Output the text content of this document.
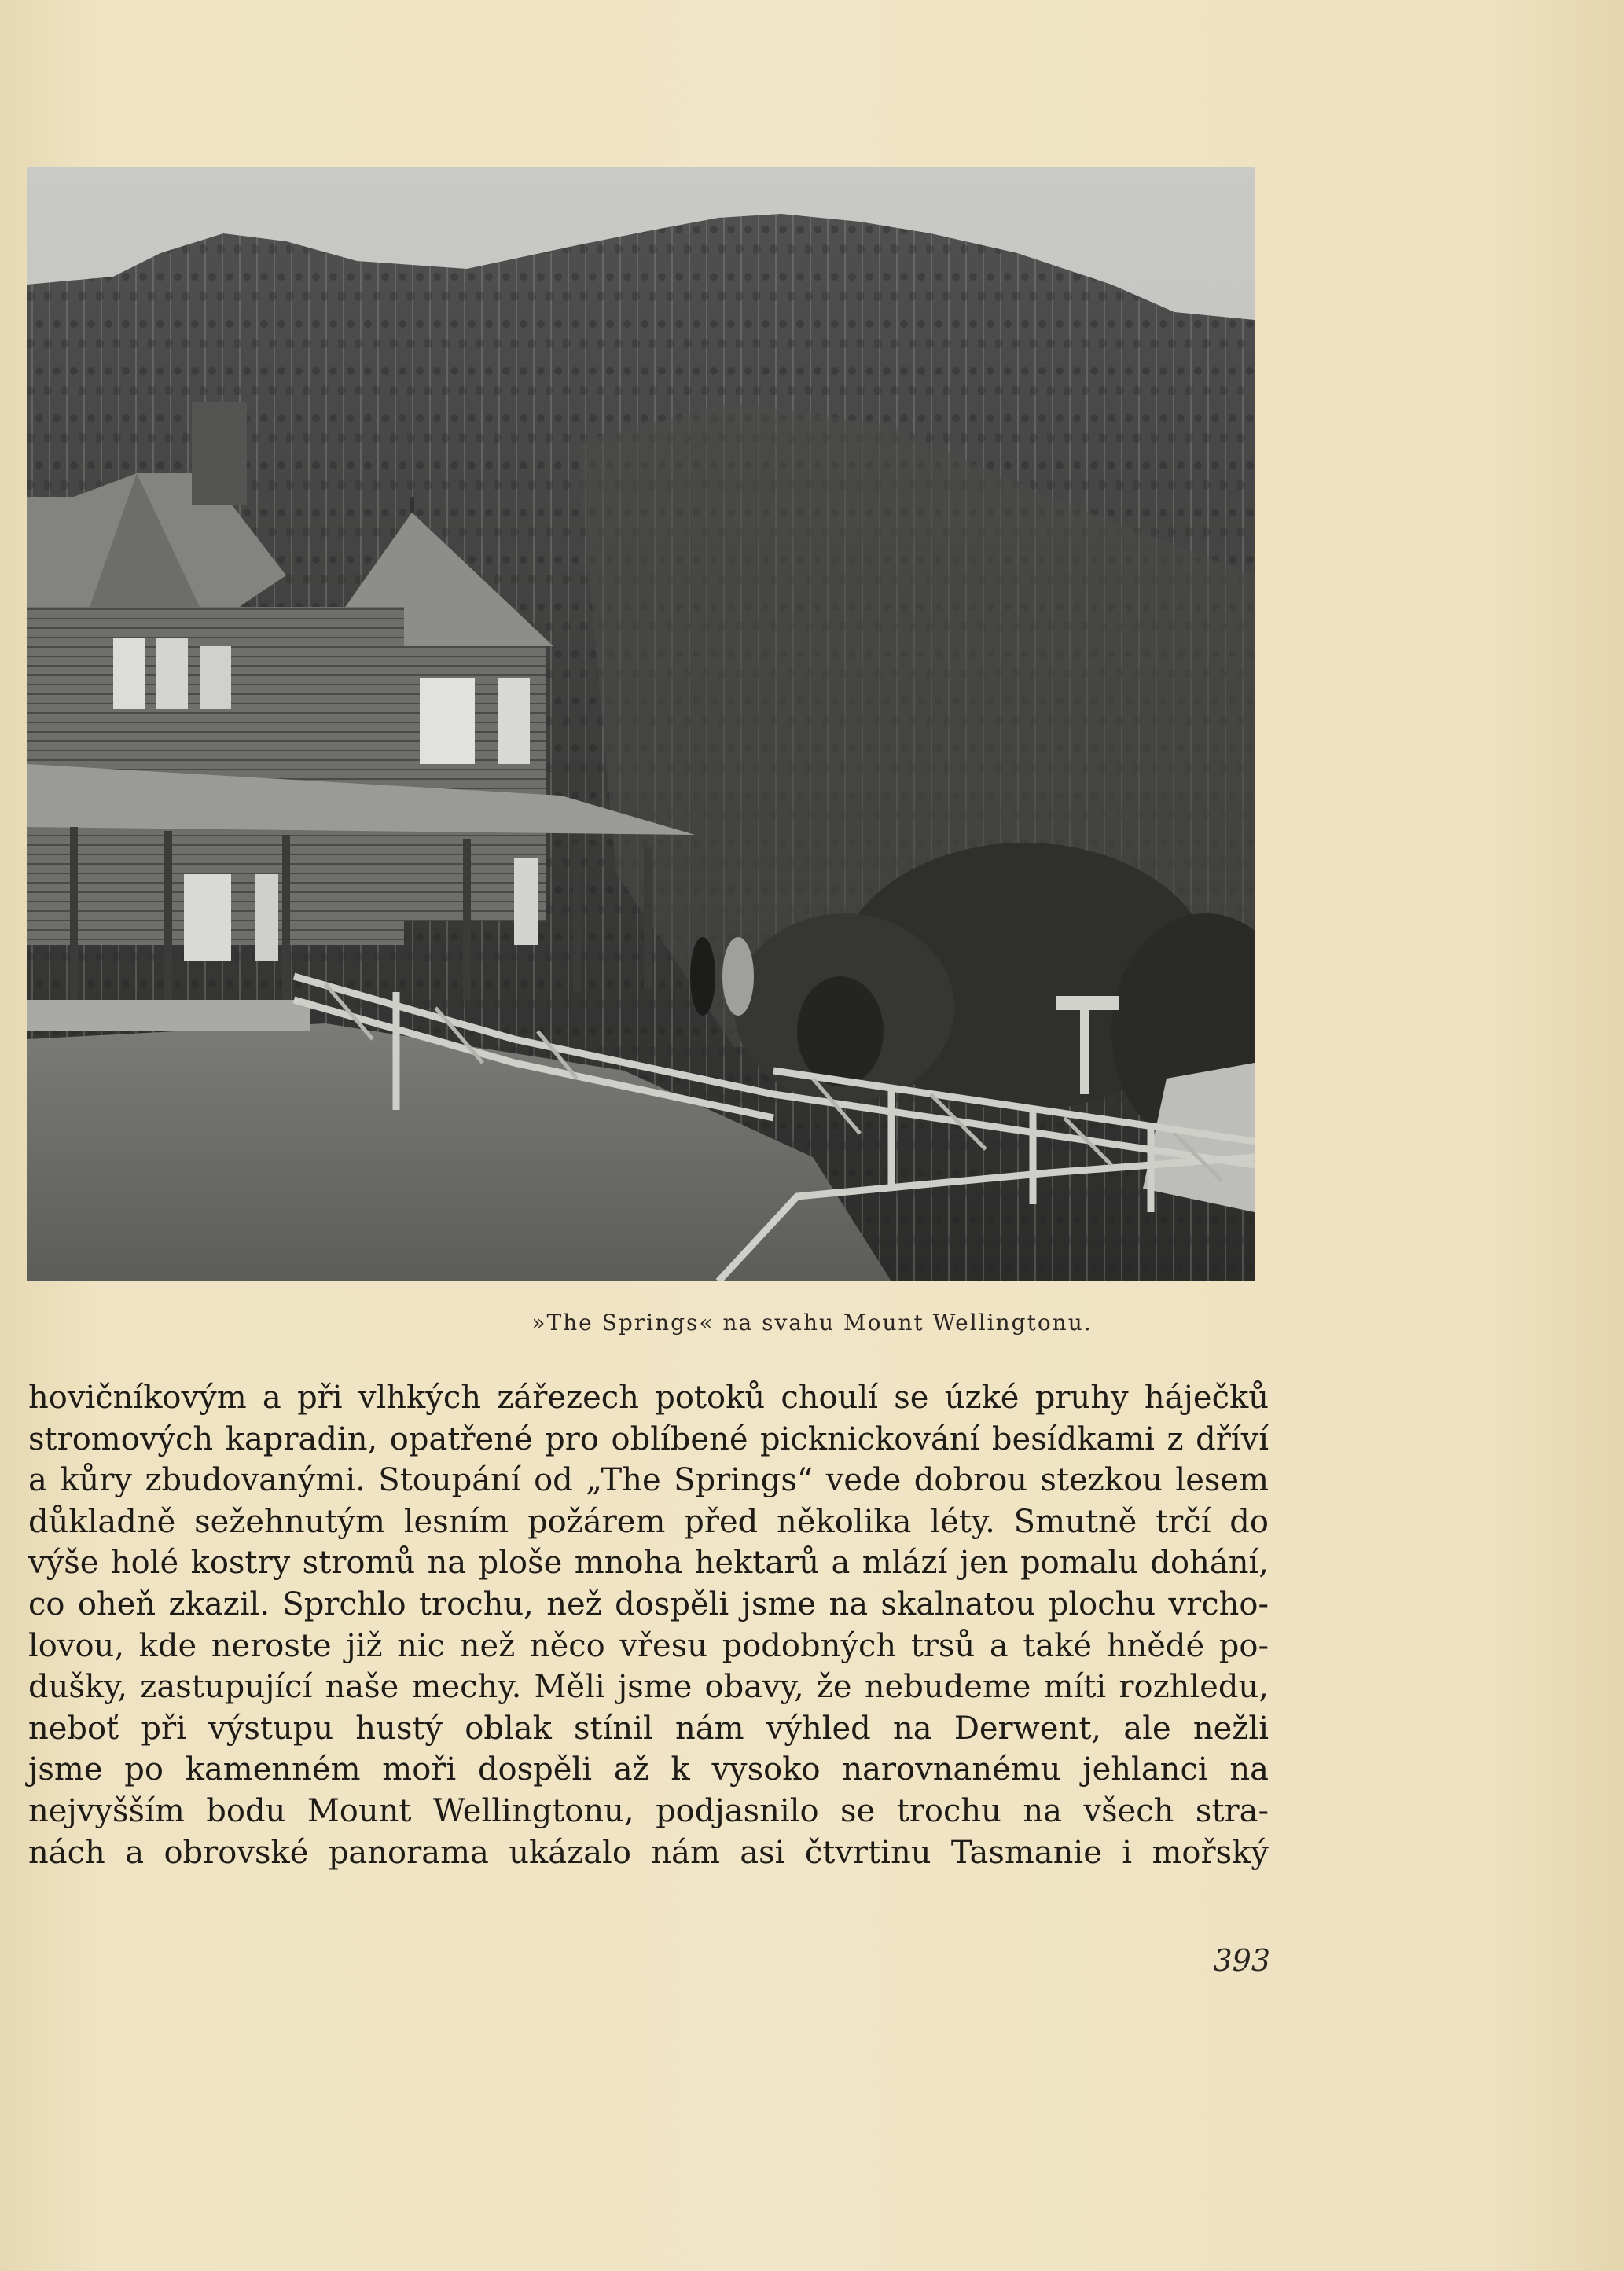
»The Springs« na svahu Mount Wellingtonu.
hovičníkovým a při vlhkých zářezech potoků choulí se úzké pruhy háječků
stromových kapradin, opatřené pro oblíbené picknickování besídkami z dříví
a kůry zbudovanými. Stoupání od „The Springs“ vede dobrou stezkou lesem
důkladně sežehnutým lesním požárem před několika léty. Smutně trčí do
výše holé kostry stromů na ploše mnoha hektarů a mlází jen pomalu dohání,
co oheň zkazil. Sprchlo trochu, než dospěli jsme na skalnatou plochu vrcho-
lovou, kde neroste již nic než něco vřesu podobných trsů a také hnědé po-
dušky, zastupující naše mechy. Měli jsme obavy, že nebudeme míti rozhledu,
neboť při výstupu hustý oblak stínil nám výhled na Derwent, ale nežli
jsme po kamenném moři dospěli až k vysoko narovnanému jehlanci na
nejvyšším bodu Mount Wellingtonu, podjasnilo se trochu na všech stra-
nách a obrovské panorama ukázalo nám asi čtvrtinu Tasmanie i mořský
393
